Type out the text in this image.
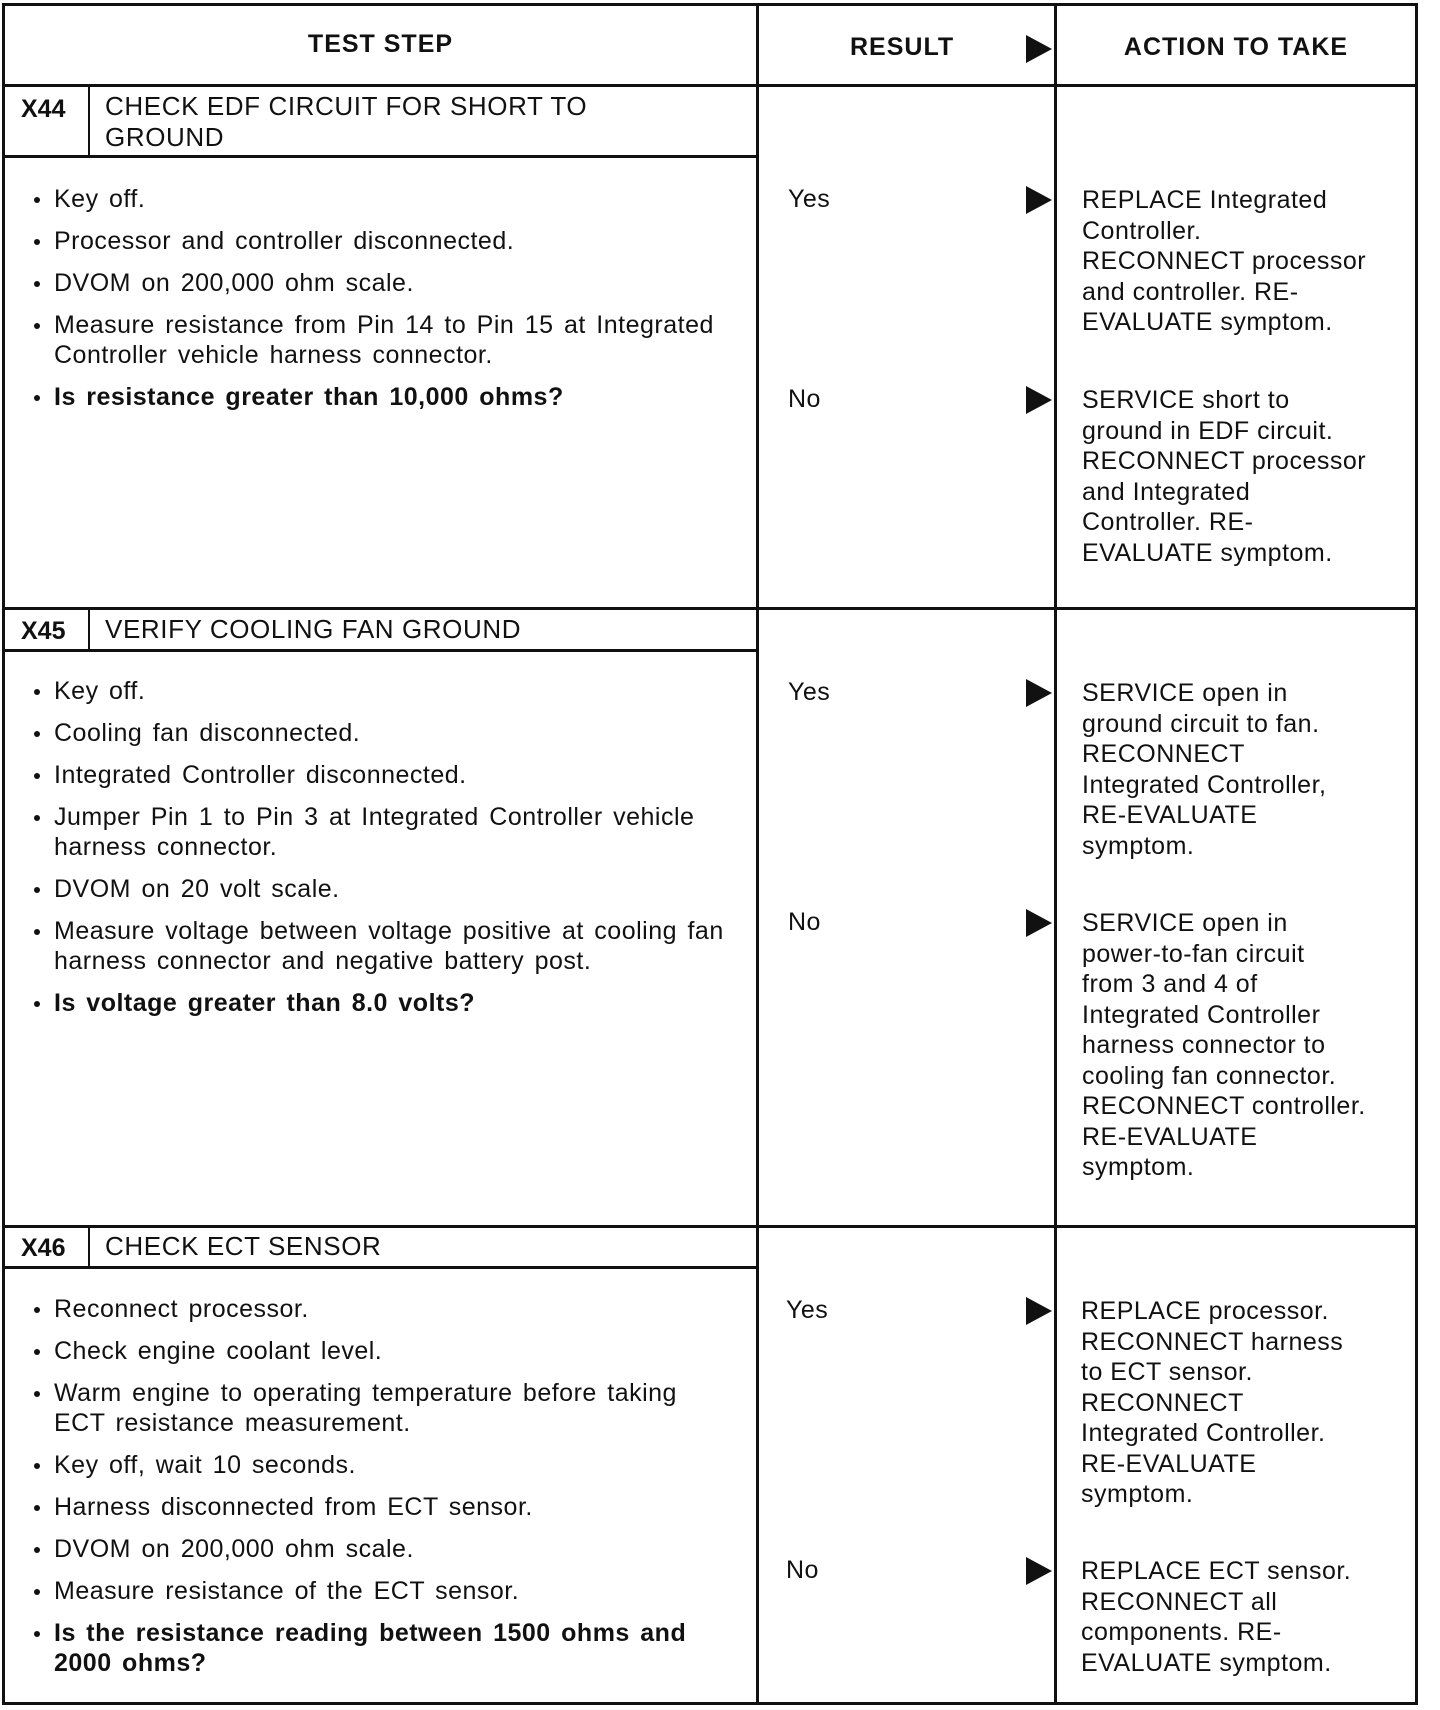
TEST STEP	RESULT	ACTION TO TAKE
X44 CHECK EDF CIRCUIT FOR SHORT TO
GROUND
Key off.
Processor and controller disconnected.
DVOM on 200,000 ohm scale.
Measure resistance from Pin 14 to Pin 15 at Integrated Controller vehicle harness connector.
Is resistance greater than 10,000 ohms?
Yes	REPLACE Integrated
Controller.
RECONNECT processor
and controller. RE-
EVALUATE symptom.
No	SERVICE short to
ground in EDF circuit.
RECONNECT processor
and Integrated
Controller. RE-
EVALUATE symptom.
X45 VERIFY COOLING FAN GROUND
Key off.
Cooling fan disconnected.
Integrated Controller disconnected.
Jumper Pin 1 to Pin 3 at Integrated Controller vehicle harness connector.
DVOM on 20 volt scale.
Measure voltage between voltage positive at cooling fan harness connector and negative battery post.
Is voltage greater than 8.0 volts?
Yes	SERVICE open in
ground circuit to fan.
RECONNECT
Integrated Controller,
RE-EVALUATE
symptom.
No	SERVICE open in
power-to-fan circuit
from 3 and 4 of
Integrated Controller
harness connector to
cooling fan connector.
RECONNECT controller.
RE-EVALUATE
symptom.
X46 CHECK ECT SENSOR
Reconnect processor.
Check engine coolant level.
Warm engine to operating temperature before taking ECT resistance measurement.
Key off, wait 10 seconds.
Harness disconnected from ECT sensor.
DVOM on 200,000 ohm scale.
Measure resistance of the ECT sensor.
Is the resistance reading between 1500 ohms and 2000 ohms?
Yes	REPLACE processor.
RECONNECT harness
to ECT sensor.
RECONNECT
Integrated Controller.
RE-EVALUATE
symptom.
No	REPLACE ECT sensor.
RECONNECT all
components. RE-
EVALUATE symptom.
